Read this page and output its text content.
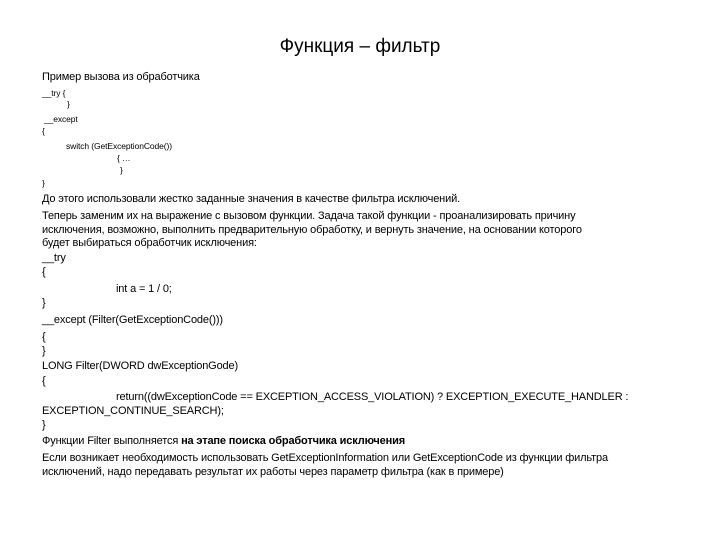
Функция – фильтр
Пример вызова из обработчика
__try {
}
__except
{
switch (GetExceptionCode())
{ …
}
}
До этого использовали жестко заданные значения в качестве фильтра исключений.
Теперь заменим их на выражение с вызовом функции. Задача такой функции - проанализировать причину
исключения, возможно, выполнить предварительную обработку, и вернуть значение, на основании которого
будет выбираться обработчик исключения:
__try
{
int a = 1 / 0;
}
__except (Filter(GetExceptionCode()))
{
}
LONG Filter(DWORD dwExceptionGode)
{
return((dwExceptionCode == EXCEPTION_ACCESS_VIOLATION) ? EXCEPTION_EXECUTE_HANDLER :
EXCEPTION_CONTINUE_SEARCH);
}
Функции Filter выполняется на этапе поиска обработчика исключения
Если возникает необходимость использовать GetExceptionInformation или GetExceptionCode из функции фильтра
исключений, надо передавать результат их работы через параметр фильтра (как в примере)
